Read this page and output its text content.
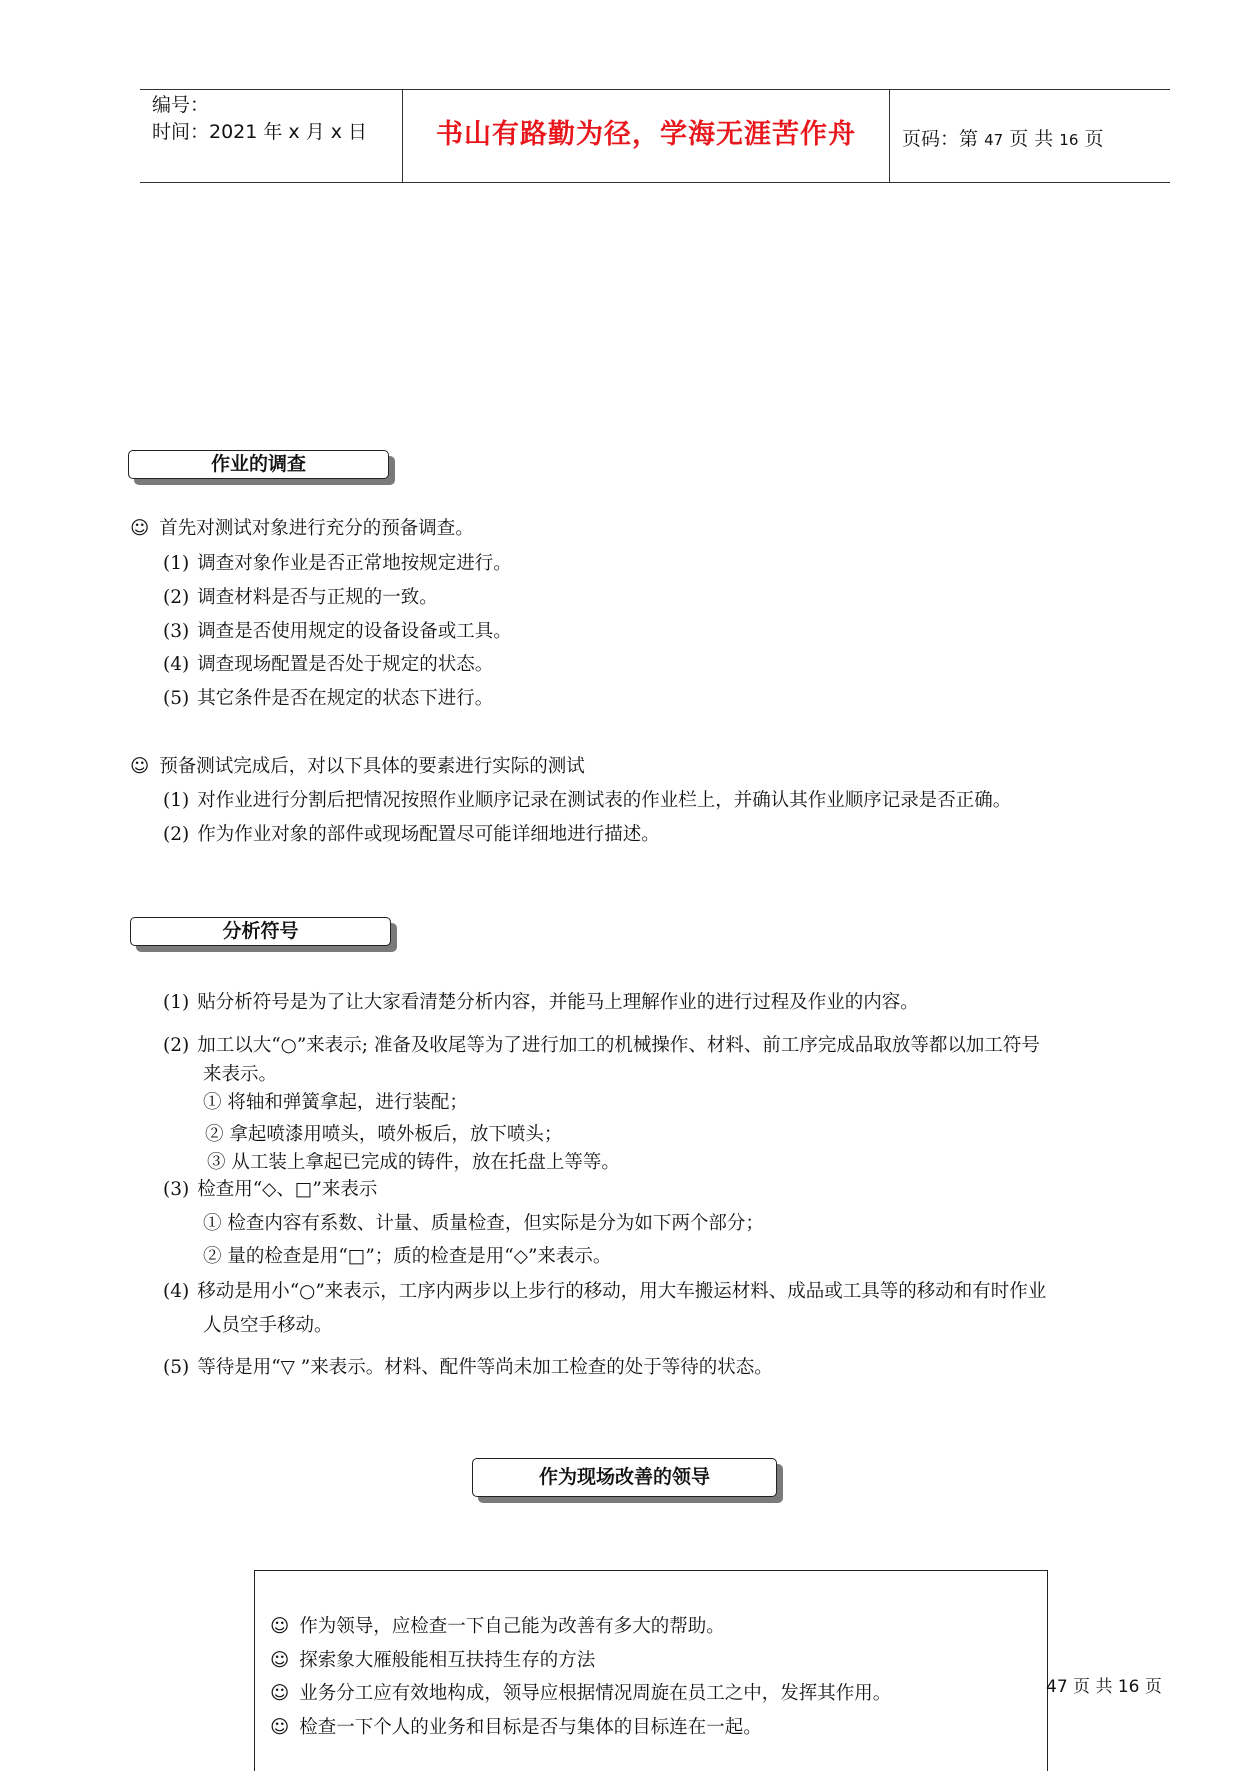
编号：
时间：2021 年 x 月 x 日	书山有路勤为径，学海无涯苦作舟	页码：第 47 页 共 16 页
作业的调查
☺ 首先对测试对象进行充分的预备调查。
(1) 调查对象作业是否正常地按规定进行。
(2) 调查材料是否与正规的一致。
(3) 调查是否使用规定的设备设备或工具。
(4) 调查现场配置是否处于规定的状态。
(5) 其它条件是否在规定的状态下进行。
☺ 预备测试完成后，对以下具体的要素进行实际的测试
(1) 对作业进行分割后把情况按照作业顺序记录在测试表的作业栏上，并确认其作业顺序记录是否正确。
(2) 作为作业对象的部件或现场配置尽可能详细地进行描述。
分析符号
(1) 贴分析符号是为了让大家看清楚分析内容，并能马上理解作业的进行过程及作业的内容。
(2) 加工以大“○”来表示; 准备及收尾等为了进行加工的机械操作、材料、前工序完成品取放等都以加工符号
来表示。
① 将轴和弹簧拿起，进行装配；
② 拿起喷漆用喷头，喷外板后，放下喷头；
③ 从工装上拿起已完成的铸件，放在托盘上等等。
(3) 检查用“◇、□”来表示
① 检查内容有系数、计量、质量检查，但实际是分为如下两个部分；
② 量的检查是用“□”；质的检查是用“◇”来表示。
(4) 移动是用小“○”来表示，工序内两步以上步行的移动，用大车搬运材料、成品或工具等的移动和有时作业
人员空手移动。
(5) 等待是用“▽ ”来表示。材料、配件等尚未加工检查的处于等待的状态。
作为现场改善的领导
☺ 作为领导，应检查一下自己能为改善有多大的帮助。
☺ 探索象大雁般能相互扶持生存的方法
☺ 业务分工应有效地构成，领导应根据情况周旋在员工之中，发挥其作用。
☺ 检查一下个人的业务和目标是否与集体的目标连在一起。
47 页 共 16 页
